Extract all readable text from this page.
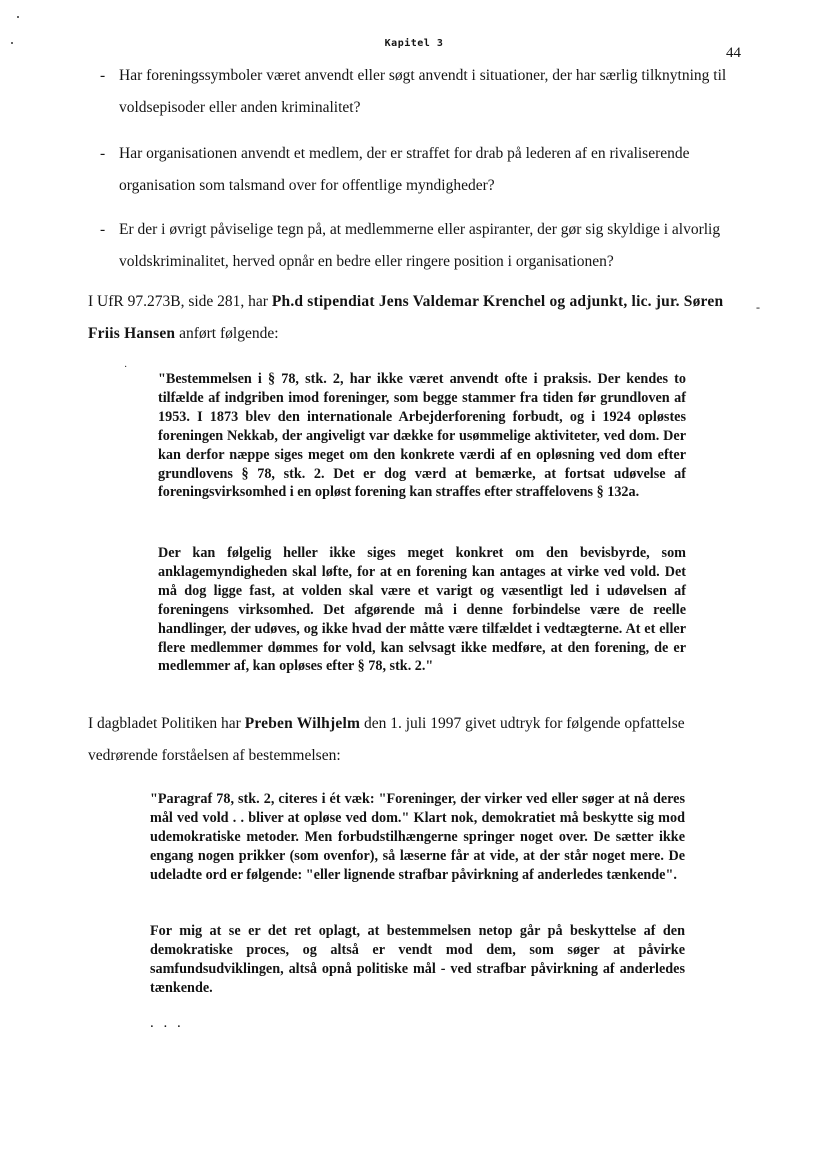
Kapitel 3
44
- Har foreningssymboler været anvendt eller søgt anvendt i situationer, der har særlig tilknytning til voldsepisoder eller anden kriminalitet?
- Har organisationen anvendt et medlem, der er straffet for drab på lederen af en rivaliserende organisation som talsmand over for offentlige myndigheder?
- Er der i øvrigt påviselige tegn på, at medlemmerne eller aspiranter, der gør sig skyldige i alvorlig voldskriminalitet, herved opnår en bedre eller ringere position i organisationen?
I UfR 97.273B, side 281, har Ph.d stipendiat Jens Valdemar Krenchel og adjunkt, lic. jur. Søren Friis Hansen anført følgende:
·
-
"Bestemmelsen i § 78, stk. 2, har ikke været anvendt ofte i praksis. Der kendes to tilfælde af indgriben imod foreninger, som begge stammer fra tiden før grundloven af 1953. I 1873 blev den internationale Arbejderforening forbudt, og i 1924 opløstes foreningen Nekkab, der angiveligt var dække for usømmelige aktiviteter, ved dom. Der kan derfor næppe siges meget om den konkrete værdi af en opløsning ved dom efter grundlovens § 78, stk. 2. Det er dog værd at bemærke, at fortsat udøvelse af foreningsvirksomhed i en opløst forening kan straffes efter straffelovens § 132a.
Der kan følgelig heller ikke siges meget konkret om den bevisbyrde, som anklagemyndigheden skal løfte, for at en forening kan antages at virke ved vold. Det må dog ligge fast, at volden skal være et varigt og væsentligt led i udøvelsen af foreningens virksomhed. Det afgørende må i denne forbindelse være de reelle handlinger, der udøves, og ikke hvad der måtte være tilfældet i vedtægterne. At et eller flere medlemmer dømmes for vold, kan selvsagt ikke medføre, at den forening, de er medlemmer af, kan opløses efter § 78, stk. 2."
I dagbladet Politiken har Preben Wilhjelm den 1. juli 1997 givet udtryk for følgende opfattelse vedrørende forståelsen af bestemmelsen:
"Paragraf 78, stk. 2, citeres i ét væk: "Foreninger, der virker ved eller søger at nå deres mål ved vold . . bliver at opløse ved dom." Klart nok, demokratiet må beskytte sig mod udemokratiske metoder. Men forbudstilhængerne springer noget over. De sætter ikke engang nogen prikker (som ovenfor), så læserne får at vide, at der står noget mere. De udeladte ord er følgende: "eller lignende strafbar påvirkning af anderledes tænkende".
For mig at se er det ret oplagt, at bestemmelsen netop går på beskyttelse af den demokratiske proces, og altså er vendt mod dem, som søger at påvirke samfundsudviklingen, altså opnå politiske mål - ved strafbar påvirkning af anderledes tænkende.
. . .
